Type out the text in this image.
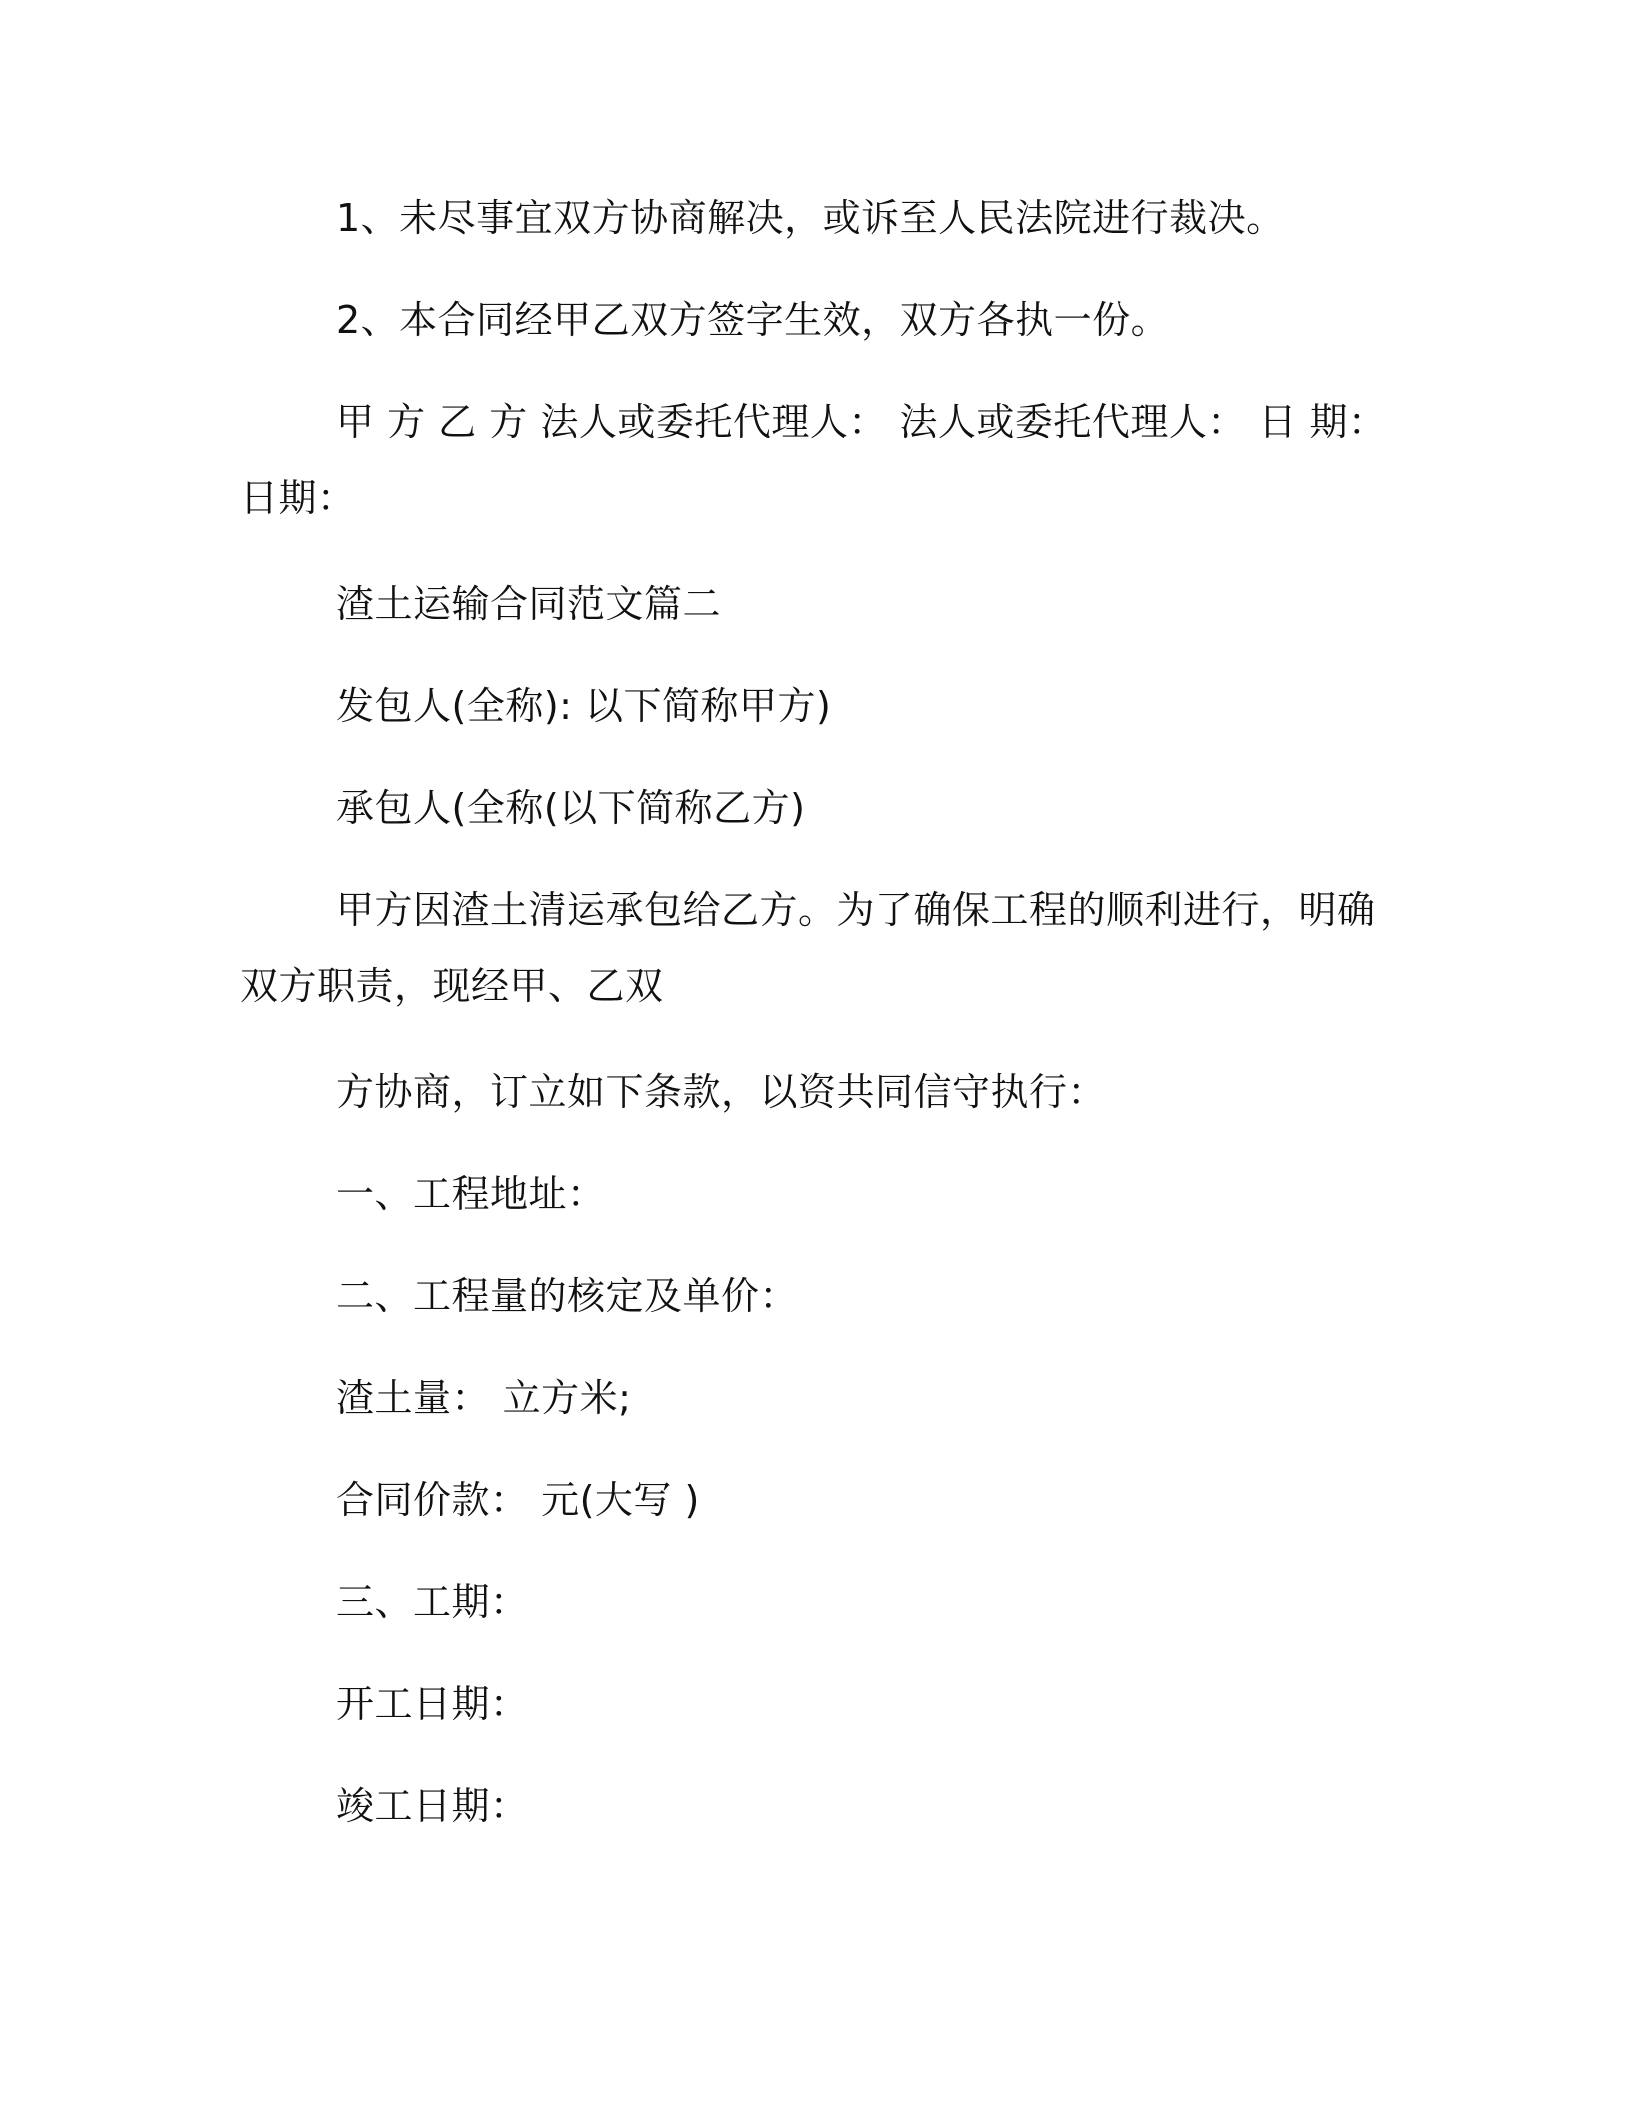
1、未尽事宜双方协商解决，或诉至人民法院进行裁决。
2、本合同经甲乙双方签字生效，双方各执一份。
甲 方 乙 方 法人或委托代理人： 法人或委托代理人： 日 期： 日期：
渣土运输合同范文篇二
发包人(全称): 以下简称甲方)
承包人(全称(以下简称乙方)
甲方因渣土清运承包给乙方。为了确保工程的顺利进行，明确双方职责，现经甲、乙双
方协商，订立如下条款，以资共同信守执行：
一、工程地址：
二、工程量的核定及单价：
渣土量： 立方米;
合同价款： 元(大写 )
三、工期：
开工日期：
竣工日期：
